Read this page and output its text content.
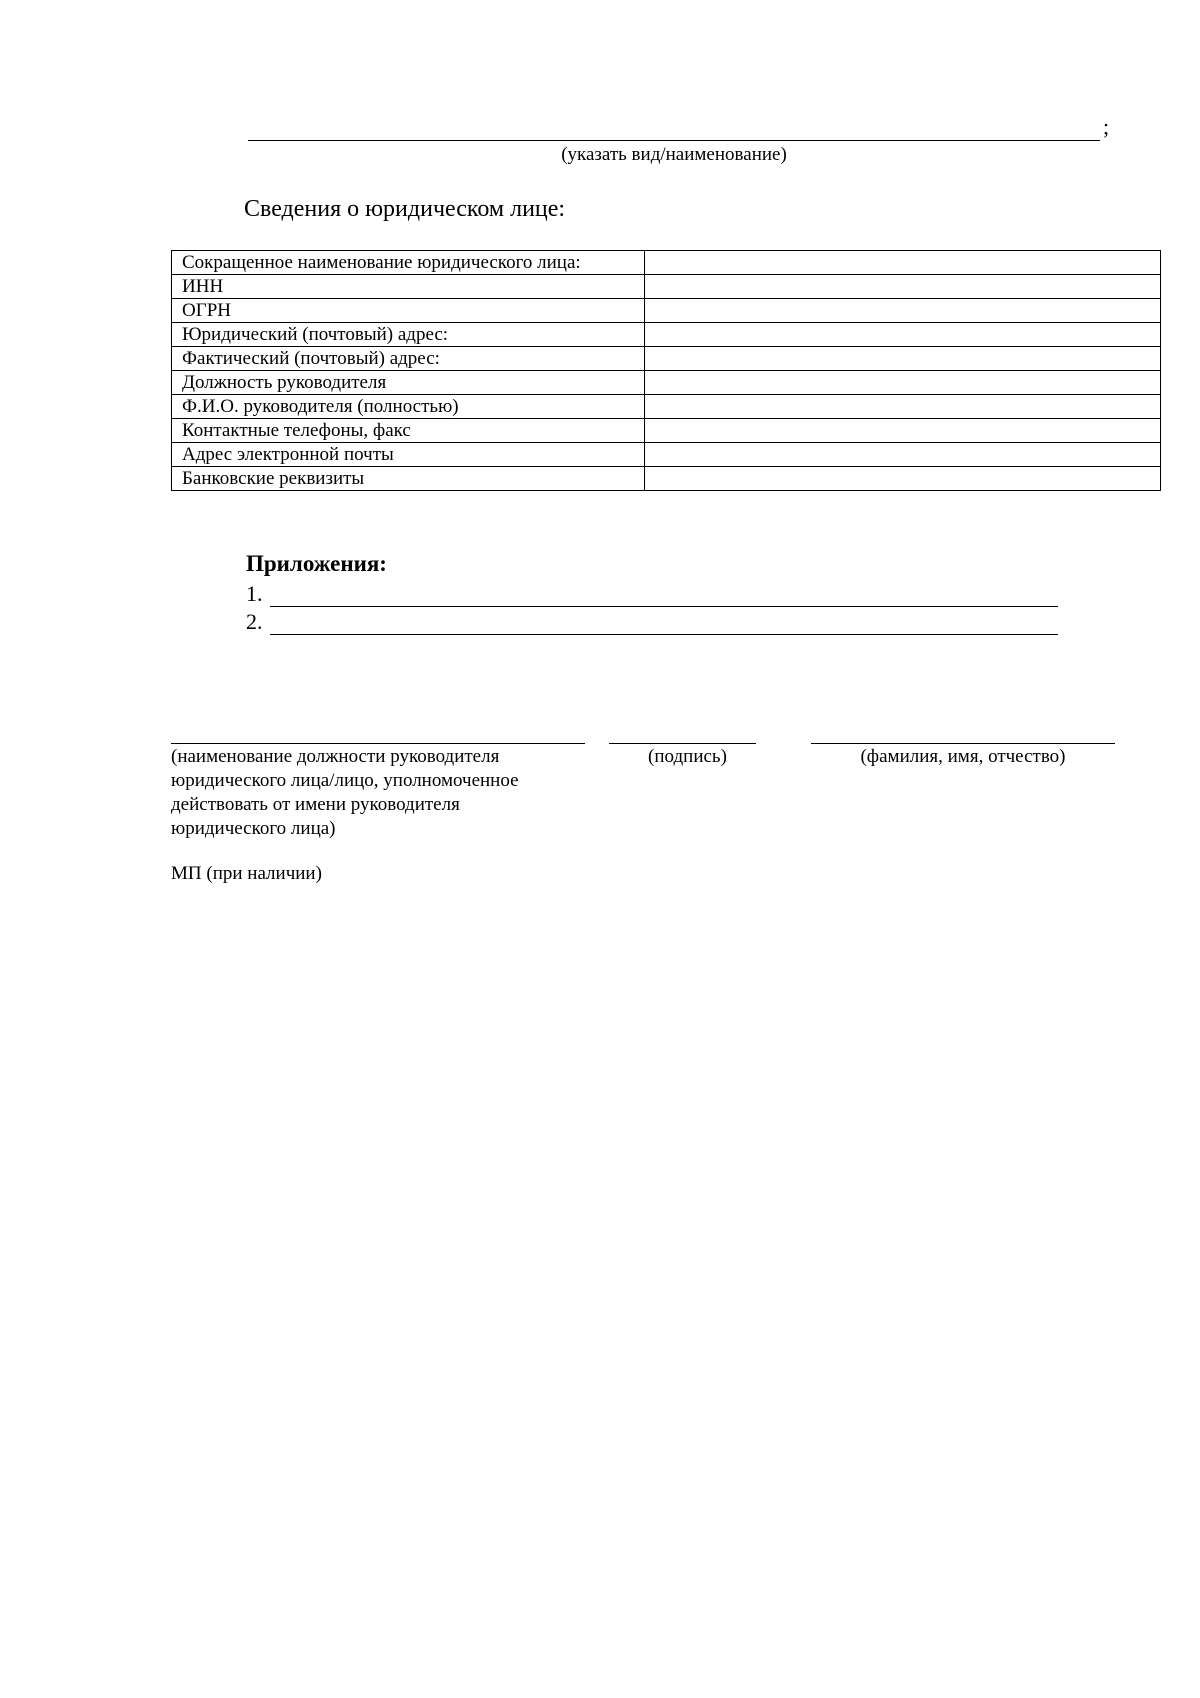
;
(указать вид/наименование)
Сведения о юридическом лице:
Сокращенное наименование юридического лица:	
ИНН	
ОГРН	
Юридический (почтовый) адрес:	
Фактический (почтовый) адрес:	
Должность руководителя	
Ф.И.О. руководителя (полностью)	
Контактные телефоны, факс	
Адрес электронной почты	
Банковские реквизиты	
Приложения:
1.
2.
(наименование должности руководителя
юридического лица/лицо, уполномоченное
действовать от имени руководителя
юридического лица)
(подпись)	(фамилия, имя, отчество)
МП (при наличии)
